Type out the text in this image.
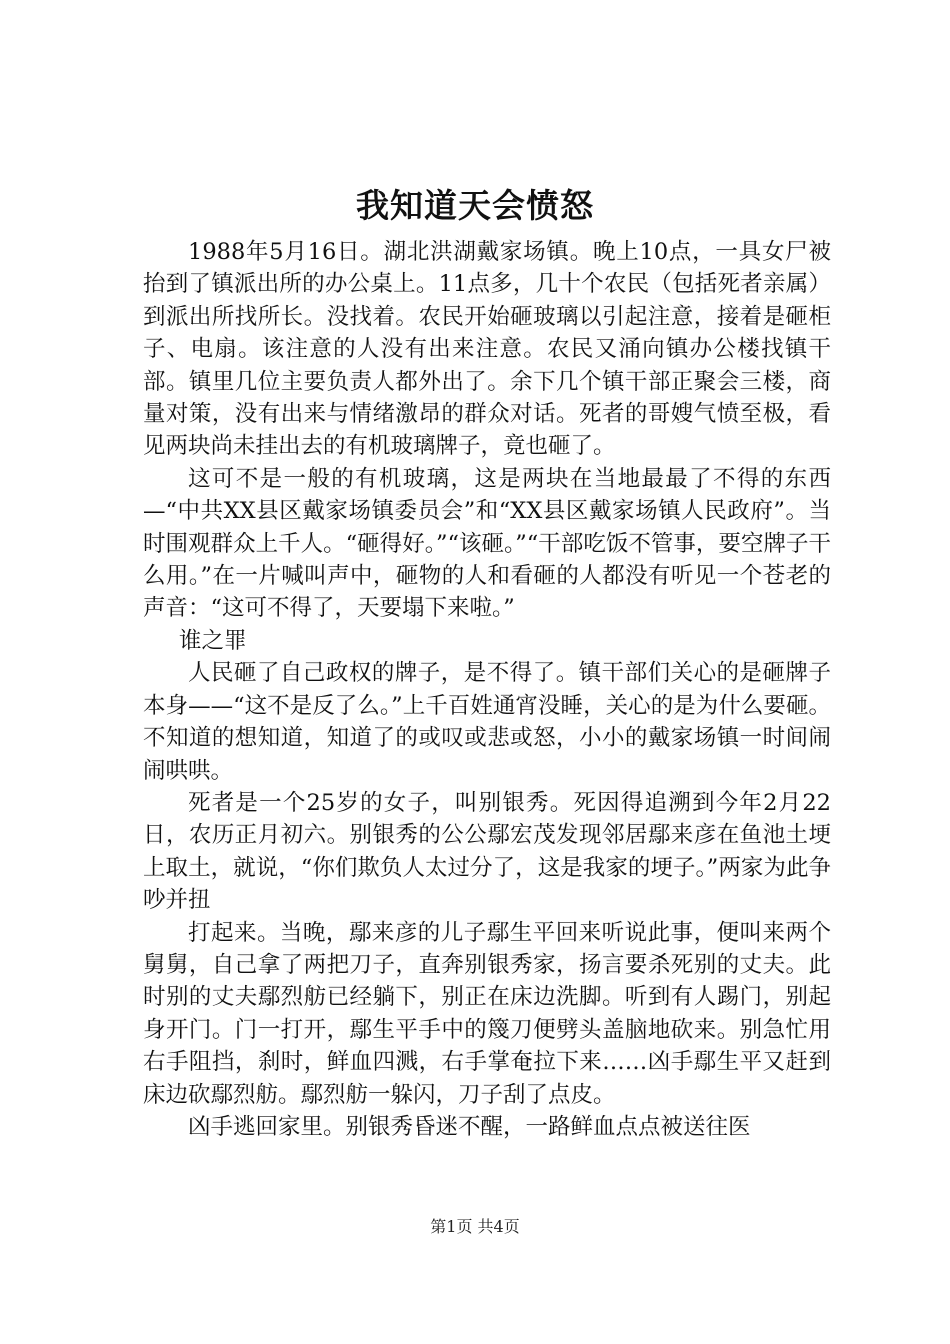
我知道天会愤怒

1988年5月16日。湖北洪湖戴家场镇。晚上10点，一具女尸被抬到了镇派出所的办公桌上。11点多，几十个农民（包括死者亲属）到派出所找所长。没找着。农民开始砸玻璃以引起注意，接着是砸柜子、电扇。该注意的人没有出来注意。农民又涌向镇办公楼找镇干部。镇里几位主要负责人都外出了。余下几个镇干部正聚会三楼，商量对策，没有出来与情绪激昂的群众对话。死者的哥嫂气愤至极，看见两块尚未挂出去的有机玻璃牌子，竟也砸了。

这可不是一般的有机玻璃，这是两块在当地最最了不得的东西—“中共XX县区戴家场镇委员会”和“XX县区戴家场镇人民政府”。当时围观群众上千人。“砸得好。”“该砸。”“干部吃饭不管事，要空牌子干么用。”在一片喊叫声中，砸物的人和看砸的人都没有听见一个苍老的声音：“这可不得了，天要塌下来啦。”

谁之罪

人民砸了自己政权的牌子，是不得了。镇干部们关心的是砸牌子本身——“这不是反了么。”上千百姓通宵没睡，关心的是为什么要砸。不知道的想知道，知道了的或叹或悲或怒，小小的戴家场镇一时间闹闹哄哄。

死者是一个25岁的女子，叫别银秀。死因得追溯到今年2月22日，农历正月初六。别银秀的公公鄢宏茂发现邻居鄢来彦在鱼池土埂上取土，就说，“你们欺负人太过分了，这是我家的埂子。”两家为此争吵并扭

打起来。当晚，鄢来彦的儿子鄢生平回来听说此事，便叫来两个舅舅，自己拿了两把刀子，直奔别银秀家，扬言要杀死别的丈夫。此时别的丈夫鄢烈舫已经躺下，别正在床边洗脚。听到有人踢门，别起身开门。门一打开，鄢生平手中的篾刀便劈头盖脑地砍来。别急忙用右手阻挡，刹时，鲜血四溅，右手掌奄拉下来……凶手鄢生平又赶到床边砍鄢烈舫。鄢烈舫一躲闪，刀子刮了点皮。

凶手逃回家里。别银秀昏迷不醒，一路鲜血点点被送往医

第1页 共4页
